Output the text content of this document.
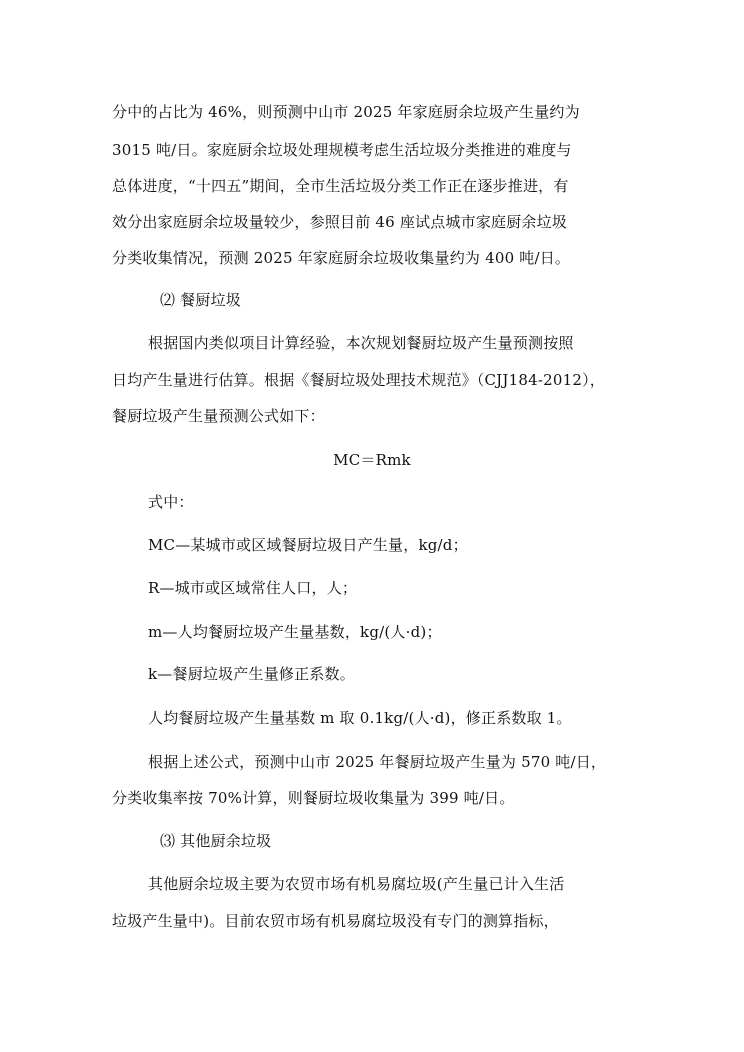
分中的占比为 46%，则预测中山市 2025 年家庭厨余垃圾产生量约为
3015 吨/日。家庭厨余垃圾处理规模考虑生活垃圾分类推进的难度与
总体进度，“十四五”期间，全市生活垃圾分类工作正在逐步推进，有
效分出家庭厨余垃圾量较少，参照目前 46 座试点城市家庭厨余垃圾
分类收集情况，预测 2025 年家庭厨余垃圾收集量约为 400 吨/日。
⑵ 餐厨垃圾
根据国内类似项目计算经验，本次规划餐厨垃圾产生量预测按照
日均产生量进行估算。根据《餐厨垃圾处理技术规范》（CJJ184-2012），
餐厨垃圾产生量预测公式如下：
MC＝Rmk
式中：
MC—某城市或区域餐厨垃圾日产生量，kg/d；
R—城市或区域常住人口，人；
m—人均餐厨垃圾产生量基数，kg/(人·d)；
k—餐厨垃圾产生量修正系数。
人均餐厨垃圾产生量基数 m 取 0.1kg/(人·d)，修正系数取 1。
根据上述公式，预测中山市 2025 年餐厨垃圾产生量为 570 吨/日，
分类收集率按 70%计算，则餐厨垃圾收集量为 399 吨/日。
⑶ 其他厨余垃圾
其他厨余垃圾主要为农贸市场有机易腐垃圾(产生量已计入生活
垃圾产生量中)。目前农贸市场有机易腐垃圾没有专门的测算指标，
